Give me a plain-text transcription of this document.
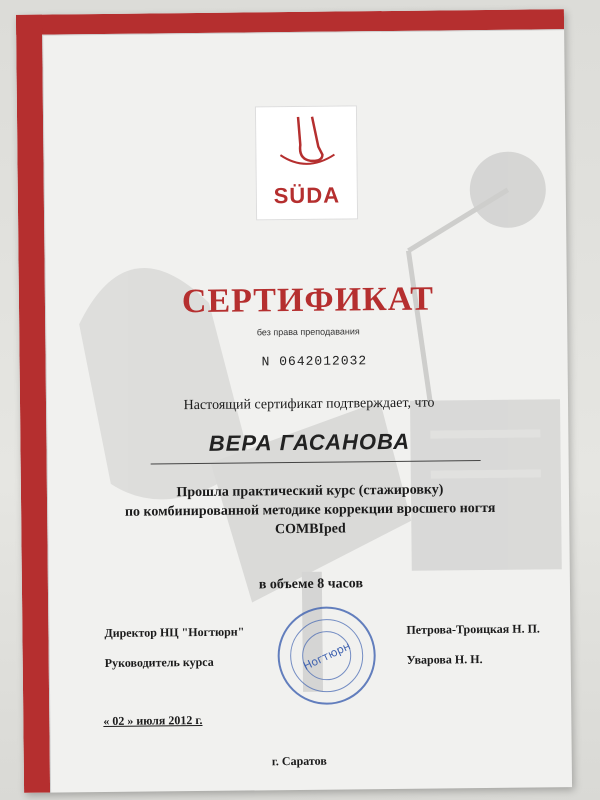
SÜDA
СЕРТИФИКАТ
без права преподавания
N 0642012032
Настоящий сертификат подтверждает, что
ВЕРА ГАСАНОВА
Прошла практический курс (стажировку)
по комбинированной методике коррекции вросшего ногтя
COMBIped
в объеме 8 часов
Ногтюрн
Директор НЦ "Ногтюрн"	Петрова-Троицкая Н. П.
Руководитель курса	Уварова Н. Н.
« 02 » июля 2012 г.
г. Саратов
